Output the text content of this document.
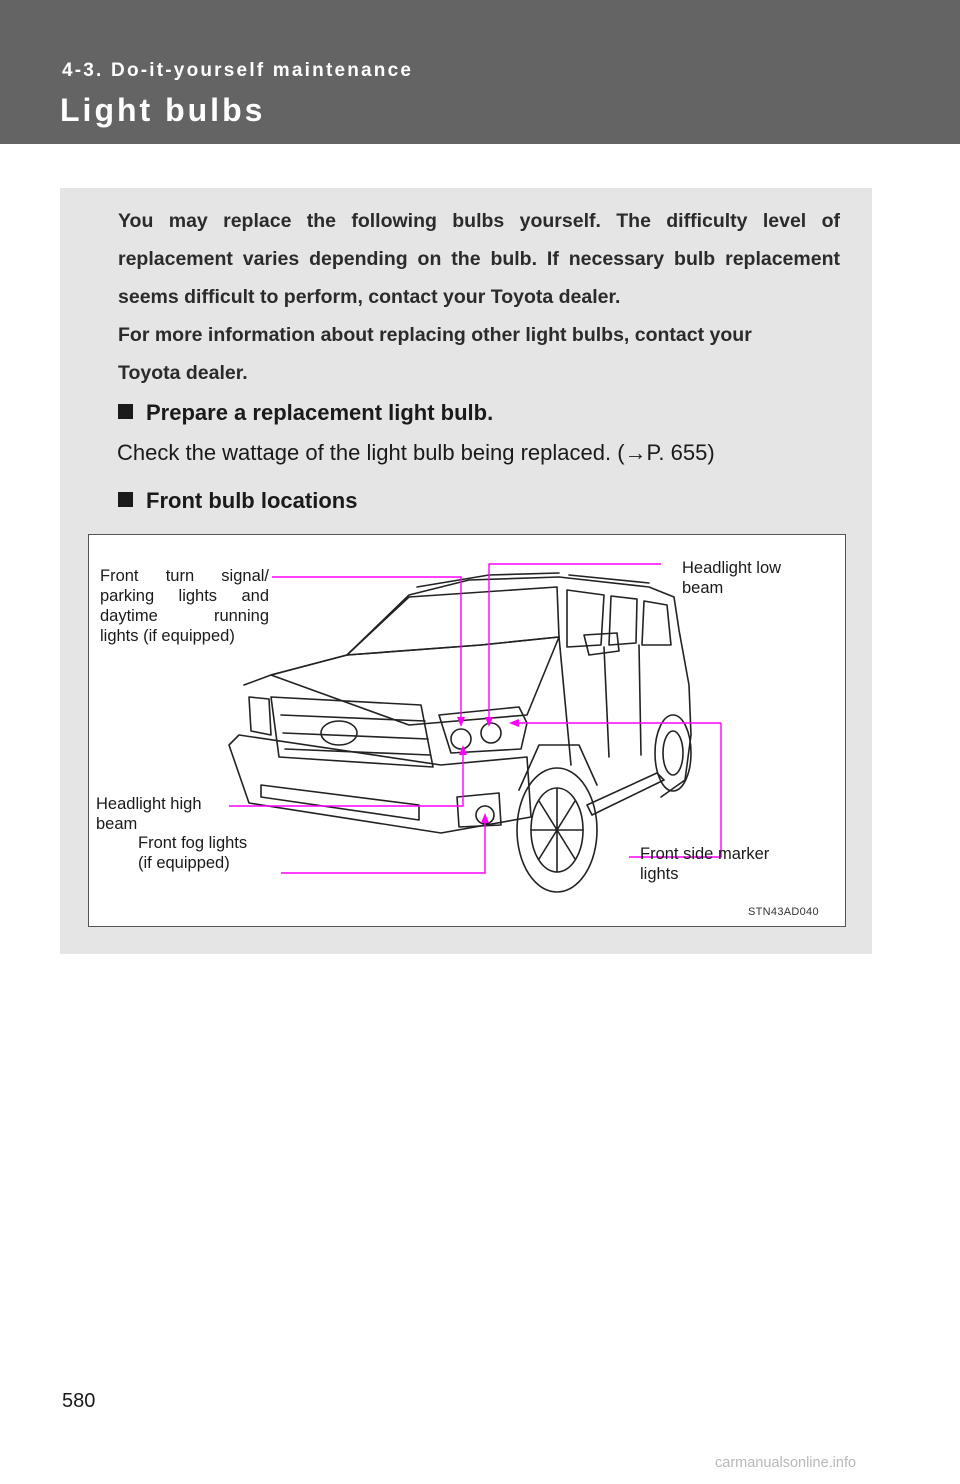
4-3. Do-it-yourself maintenance
Light bulbs
You may replace the following bulbs yourself. The difficulty level of replacement varies depending on the bulb. If necessary bulb replacement seems difficult to perform, contact your Toyota dealer.
For more information about replacing other light bulbs, contact your
Toyota dealer.
Prepare a replacement light bulb.
Check the wattage of the light bulb being replaced. (→P. 655)
Front bulb locations
Front turn signal/
parking lights and
daytime running
lights (if equipped)
Headlight low
beam
Headlight high
beam
Front fog lights
(if equipped)	Front side marker
lights
STN43AD040
580
carmanualsonline.info
